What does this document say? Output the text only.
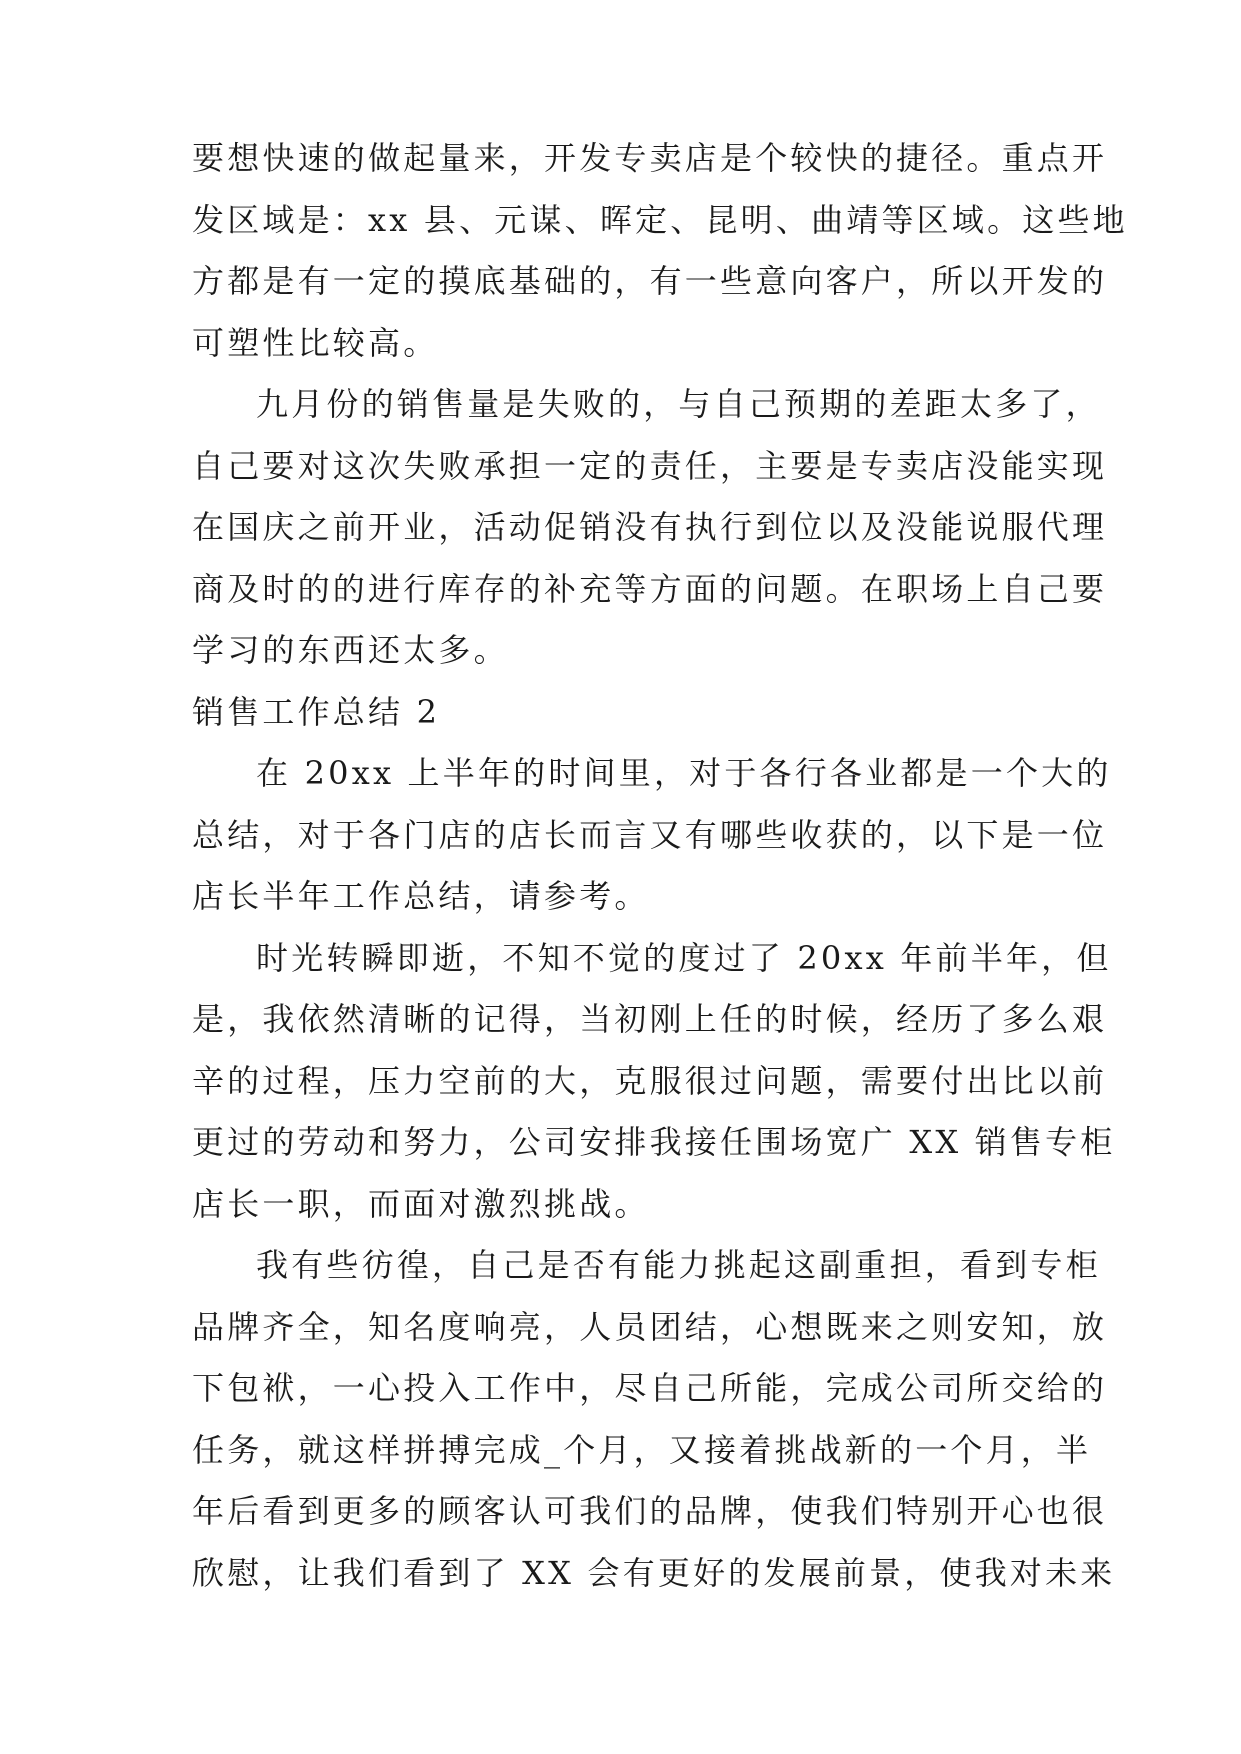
要想快速的做起量来，开发专卖店是个较快的捷径。重点开
发区域是：xx 县、元谋、晖定、昆明、曲靖等区域。这些地
方都是有一定的摸底基础的，有一些意向客户，所以开发的
可塑性比较高。
九月份的销售量是失败的，与自己预期的差距太多了，
自己要对这次失败承担一定的责任，主要是专卖店没能实现
在国庆之前开业，活动促销没有执行到位以及没能说服代理
商及时的的进行库存的补充等方面的问题。在职场上自己要
学习的东西还太多。
销售工作总结 2
在 20xx 上半年的时间里，对于各行各业都是一个大的
总结，对于各门店的店长而言又有哪些收获的，以下是一位
店长半年工作总结，请参考。
时光转瞬即逝，不知不觉的度过了 20xx 年前半年，但
是，我依然清晰的记得，当初刚上任的时候，经历了多么艰
辛的过程，压力空前的大，克服很过问题，需要付出比以前
更过的劳动和努力，公司安排我接任围场宽广 XX 销售专柜
店长一职，而面对激烈挑战。
我有些彷徨，自己是否有能力挑起这副重担，看到专柜
品牌齐全，知名度响亮，人员团结，心想既来之则安知，放
下包袱，一心投入工作中，尽自己所能，完成公司所交给的
任务，就这样拼搏完成_个月，又接着挑战新的一个月，半
年后看到更多的顾客认可我们的品牌，使我们特别开心也很
欣慰，让我们看到了 XX 会有更好的发展前景，使我对未来
